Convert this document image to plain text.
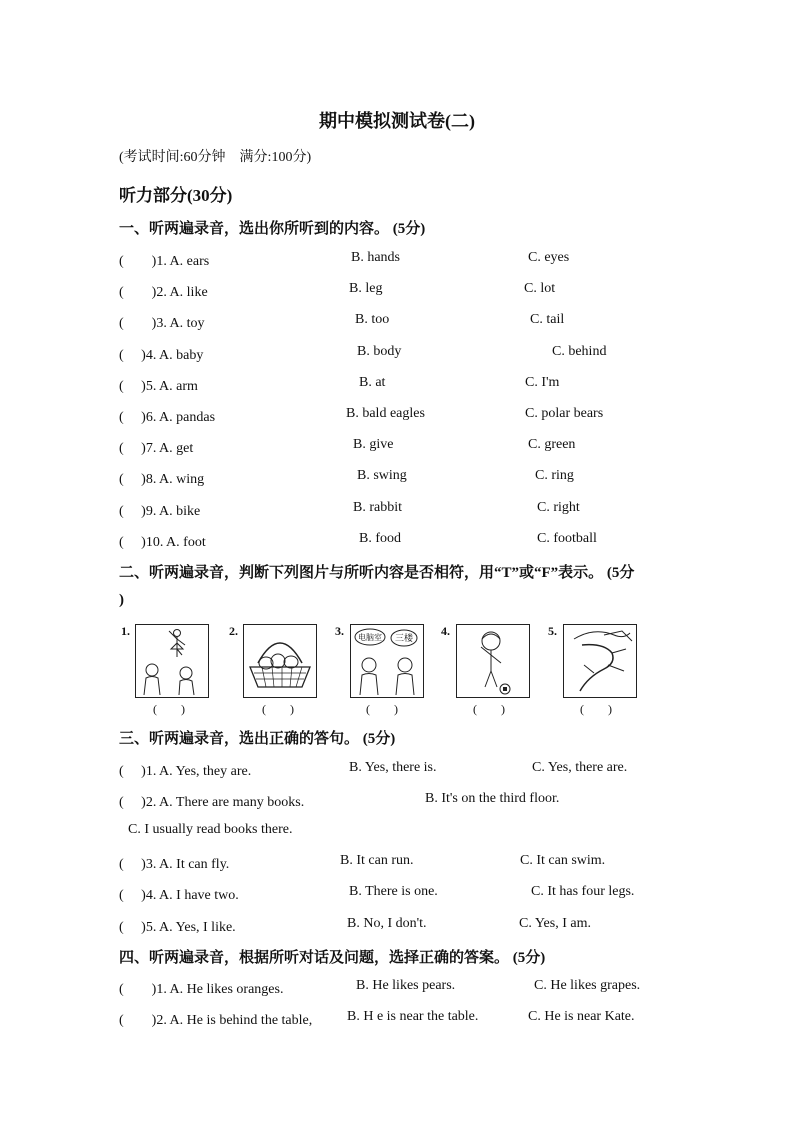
期中模拟测试卷(二)
(考试时间:60分钟　满分:100分)
听力部分(30分)
一、听两遍录音，选出你所听到的内容。 (5分)
(　　)1. A. ears	B. hands	C. eyes
(　　)2. A. like	B. leg	C. lot
(　　)3. A. toy	B. too	C. tail
(　 )4. A. baby	B. body	C. behind
(　 )5. A. arm	B. at	C. I'm
(　 )6. A. pandas	B. bald eagles	C. polar bears
(　 )7. A. get	B. give	C. green
(　 )8. A. wing	B. swing	C. ring
(　 )9. A. bike	B. rabbit	C. right
(　 )10. A. foot	B. food	C. football
二、听两遍录音，判断下列图片与所听内容是否相符，用“T”或“F”表示。 (5分
)
1.
(　　)
2.
(　　)
3. 电脑室 三楼
(　　)
4.
(　　)
5.
(　　)
三、听两遍录音，选出正确的答句。 (5分)
(　 )1. A. Yes, they are.	B. Yes, there is.	C. Yes, there are.
(　 )2. A. There are many books.	B. It's on the third floor.
C. I usually read books there.
(　 )3. A. It can fly.	B. It can run.	C. It can swim.
(　 )4. A. I have two.	B. There is one.	C. It has four legs.
(　 )5. A. Yes, I like.	B. No, I don't.	C. Yes, I am.
四、听两遍录音，根据所听对话及问题，选择正确的答案。 (5分)
(　　)1. A. He likes oranges.	B. He likes pears.	C. He likes grapes.
(　　)2. A. He is behind the table, B. H e is near the table.	C. He is near Kate.
